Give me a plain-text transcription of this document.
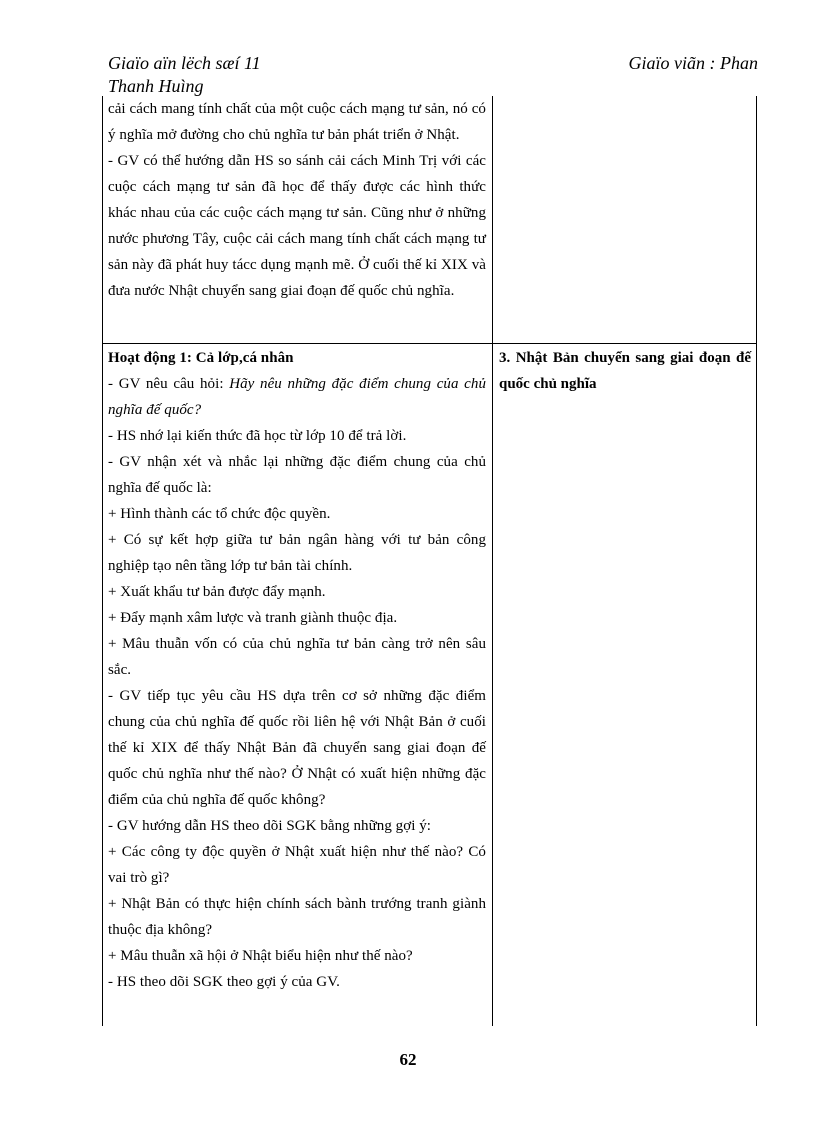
Giaïo aïn lëch sæí 11
Thanh Huìng
Giaïo viãn : Phan

cải cách mang tính chất của một cuộc cách mạng tư sản, nó có ý nghĩa mở đường cho chủ nghĩa tư bản phát triển ở Nhật.

- GV có thể hướng dẫn HS so sánh cải cách Minh Trị với các cuộc cách mạng tư sản đã học để thấy được các hình thức khác nhau của các cuộc cách mạng tư sản. Cũng như ở những nước phương Tây, cuộc cải cách mang tính chất cách mạng tư sản này đã phát huy tácc dụng mạnh mẽ. Ở cuối thế kỉ XIX và đưa nước Nhật chuyển sang giai đoạn đế quốc chủ nghĩa.

Hoạt động 1: Cả lớp,cá nhân

- GV nêu câu hỏi: Hãy nêu những đặc điểm chung của chủ nghĩa đế quốc?

- HS nhớ lại kiến thức đã học từ lớp 10 để trả lời.

- GV nhận xét và nhắc lại những đặc điểm chung của chủ nghĩa đế quốc là:

+ Hình thành các tổ chức độc quyền.

+ Có sự kết hợp giữa tư bản ngân hàng với tư bản công nghiệp tạo nên tầng lớp tư bản tài chính.

+ Xuất khẩu tư bản được đẩy mạnh.

+ Đẩy mạnh xâm lược và tranh giành thuộc địa.

+ Mâu thuẫn vốn có của chủ nghĩa tư bản càng trở nên sâu sắc.

- GV tiếp tục yêu cầu HS dựa trên cơ sở những đặc điểm chung của chủ nghĩa đế quốc rồi liên hệ với Nhật Bản ở cuối thế kỉ XIX để thấy Nhật Bản đã chuyển sang giai đoạn đế quốc chủ nghĩa như thế nào? Ở Nhật có xuất hiện những đặc điểm của chủ nghĩa đế quốc không?

- GV hướng dẫn HS theo dõi SGK bằng những gợi ý:

+ Các công ty độc quyền ở Nhật xuất hiện như thế nào? Có vai trò gì?

+ Nhật Bản có thực hiện chính sách bành trướng tranh giành thuộc địa không?

+ Mâu thuẫn xã hội ở Nhật biểu hiện như thế nào?

- HS theo dõi SGK theo gợi ý của GV.

3. Nhật Bản chuyển sang giai đoạn đế quốc chủ nghĩa
62
